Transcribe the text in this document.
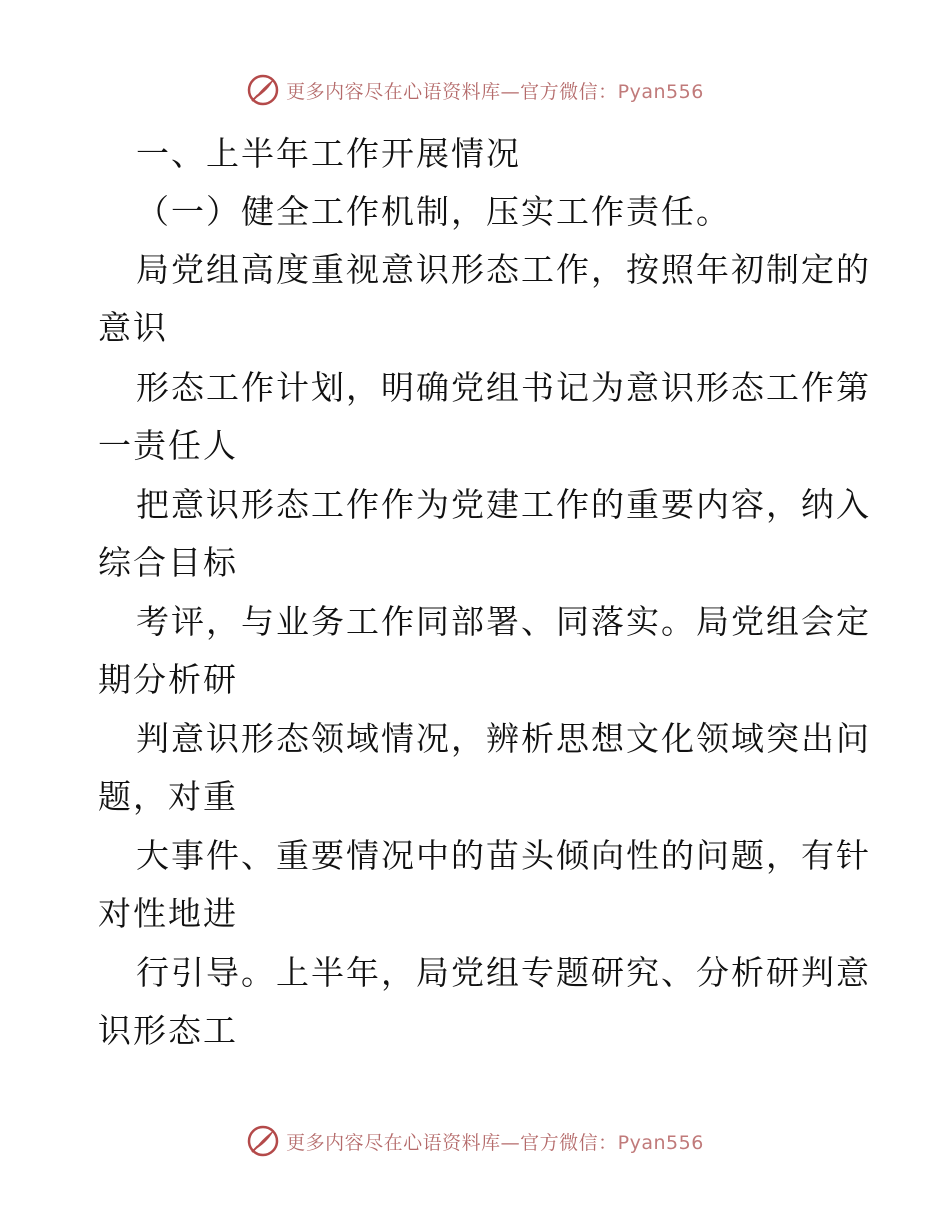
更多内容尽在心语资料库—官方微信：Pyan556
一、上半年工作开展情况
（一）健全工作机制，压实工作责任。
局党组高度重视意识形态工作，按照年初制定的
意识
形态工作计划，明确党组书记为意识形态工作第
一责任人
把意识形态工作作为党建工作的重要内容，纳入
综合目标
考评，与业务工作同部署、同落实。局党组会定
期分析研
判意识形态领域情况，辨析思想文化领域突出问
题，对重
大事件、重要情况中的苗头倾向性的问题，有针
对性地进
行引导。上半年，局党组专题研究、分析研判意
识形态工
更多内容尽在心语资料库—官方微信：Pyan556
